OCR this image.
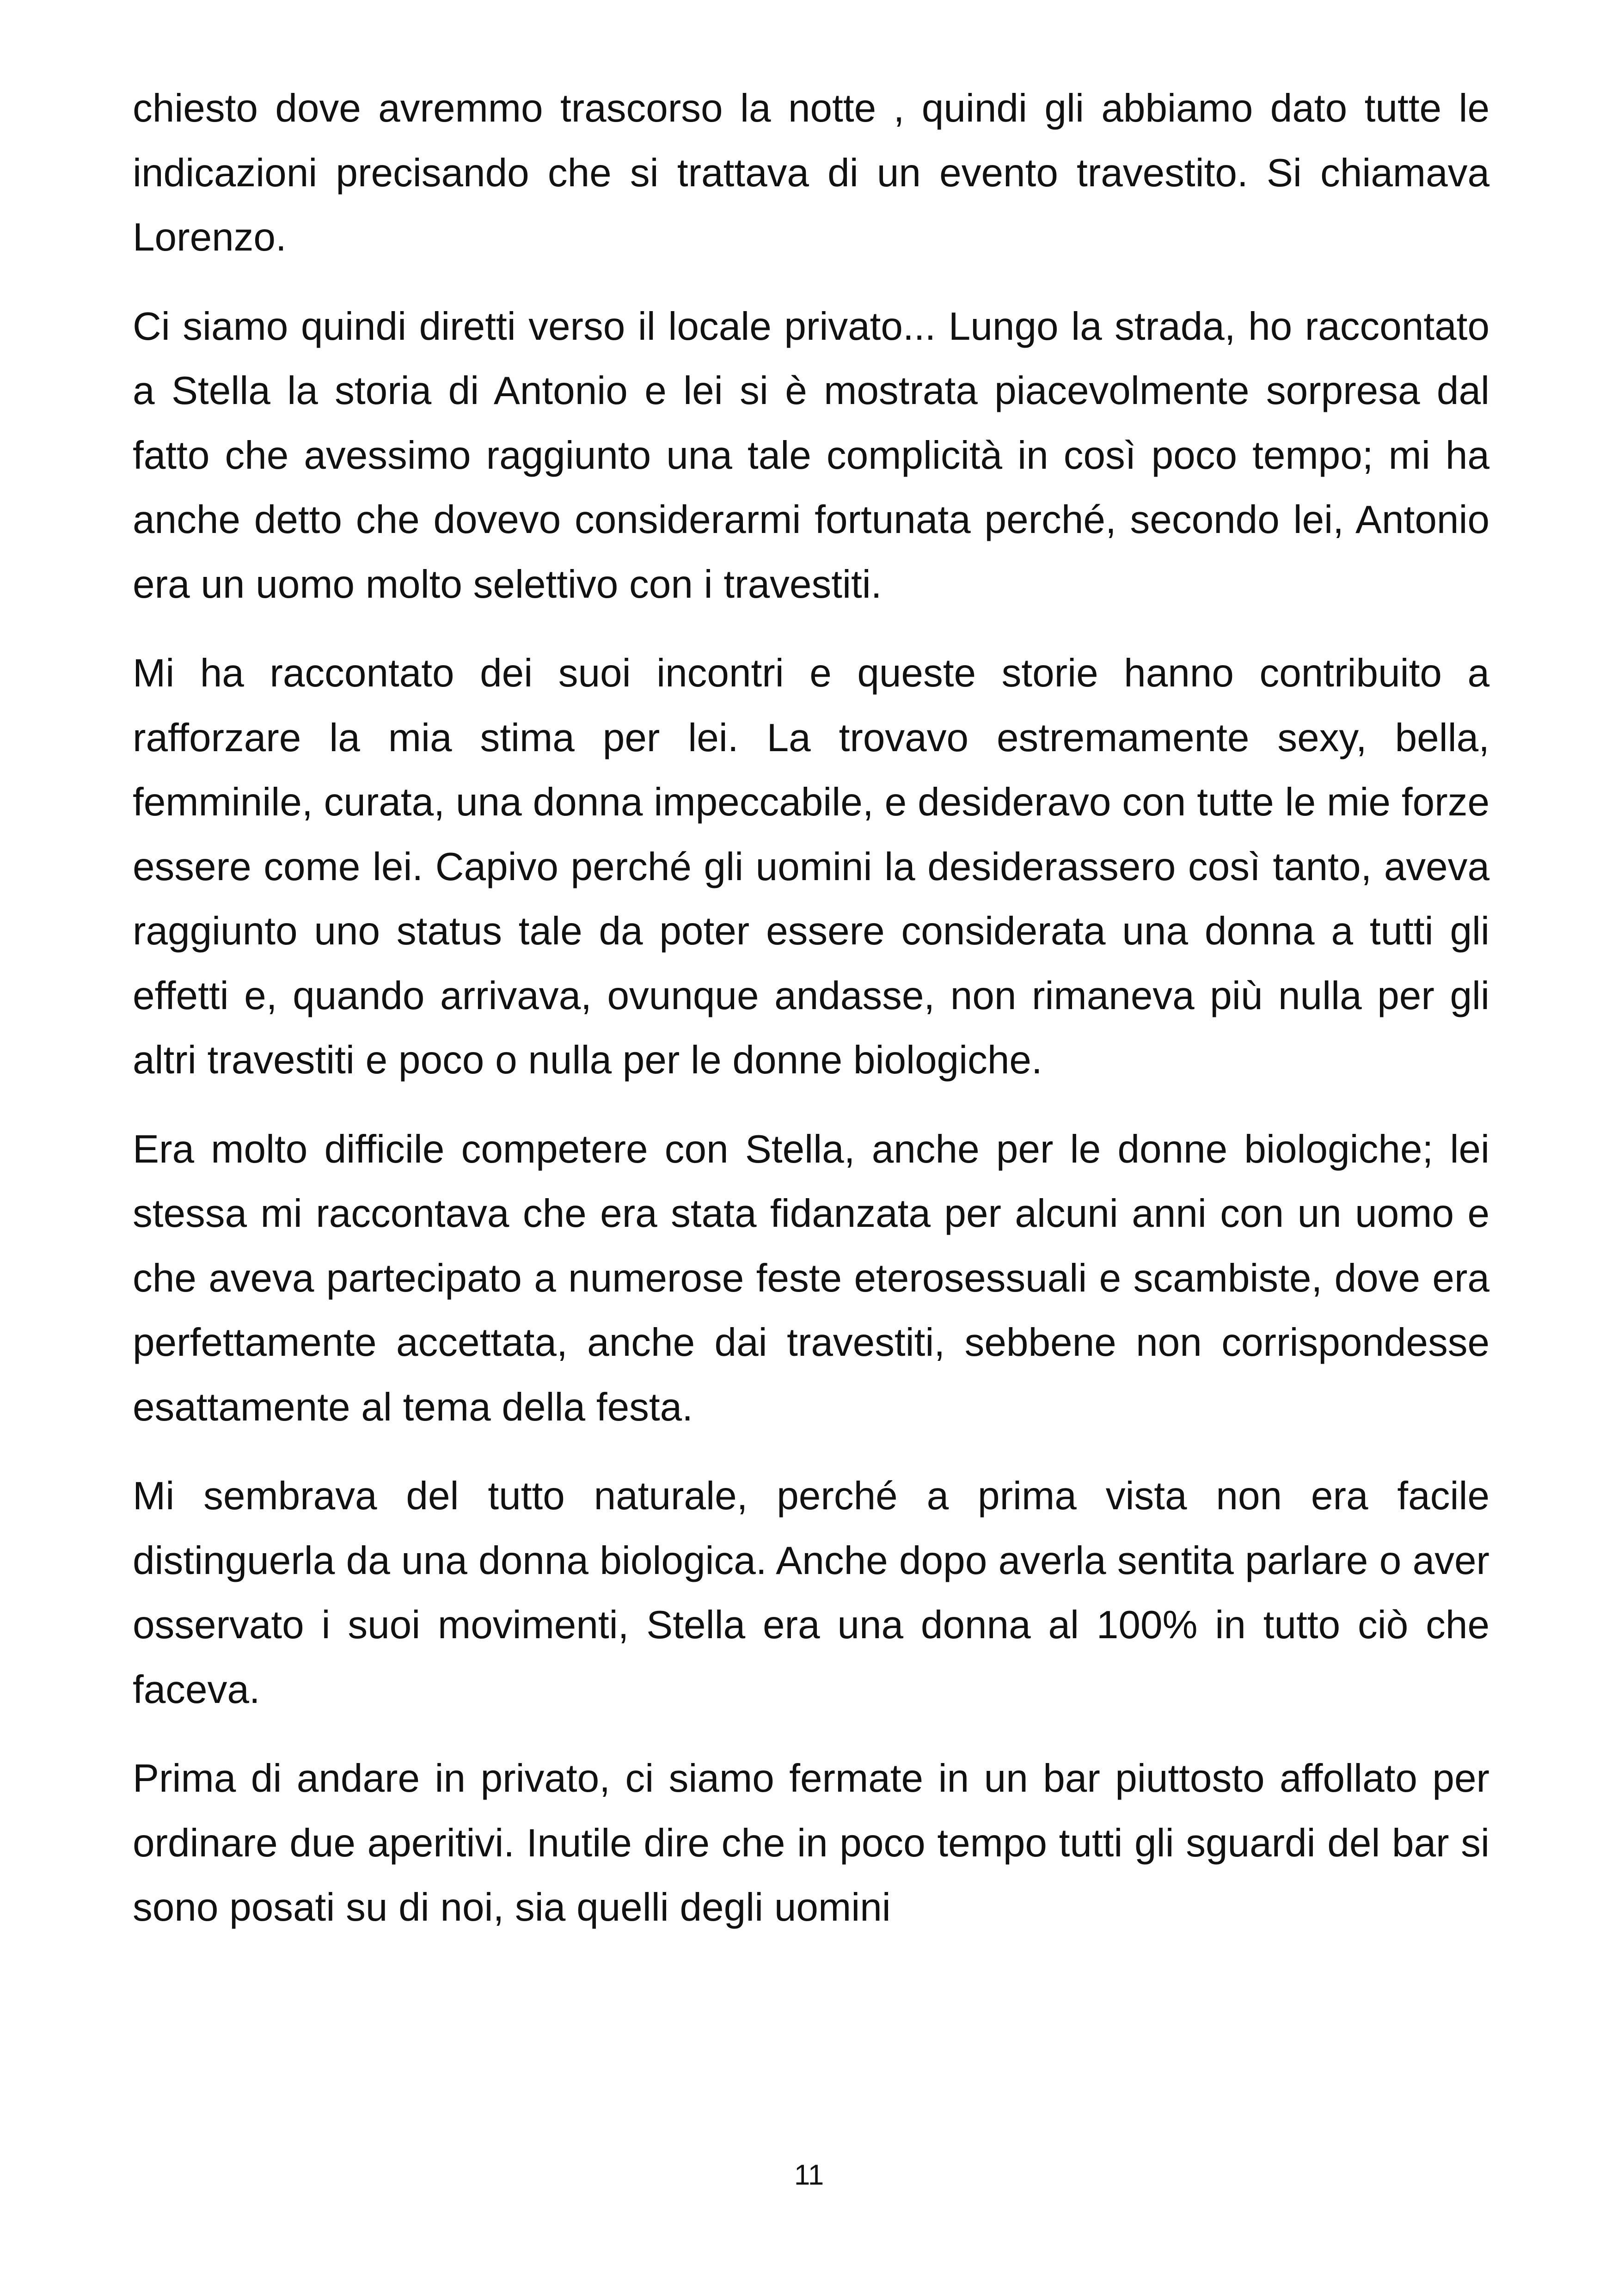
chiesto dove avremmo trascorso la notte , quindi gli abbiamo dato tutte le indicazioni precisando che si trattava di un evento travestito. Si chiamava Lorenzo.

Ci siamo quindi diretti verso il locale privato... Lungo la strada, ho raccontato a Stella la storia di Antonio e lei si è mostrata piacevolmente sorpresa dal fatto che avessimo raggiunto una tale complicità in così poco tempo; mi ha anche detto che dovevo considerarmi fortunata perché, secondo lei, Antonio era un uomo molto selettivo con i travestiti.

Mi ha raccontato dei suoi incontri e queste storie hanno contribuito a rafforzare la mia stima per lei. La trovavo estremamente sexy, bella, femminile, curata, una donna impeccabile, e desideravo con tutte le mie forze essere come lei. Capivo perché gli uomini la desiderassero così tanto, aveva raggiunto uno status tale da poter essere considerata una donna a tutti gli effetti e, quando arrivava, ovunque andasse, non rimaneva più nulla per gli altri travestiti e poco o nulla per le donne biologiche.

Era molto difficile competere con Stella, anche per le donne biologiche; lei stessa mi raccontava che era stata fidanzata per alcuni anni con un uomo e che aveva partecipato a numerose feste eterosessuali e scambiste, dove era perfettamente accettata, anche dai travestiti, sebbene non corrispondesse esattamente al tema della festa.

Mi sembrava del tutto naturale, perché a prima vista non era facile distinguerla da una donna biologica. Anche dopo averla sentita parlare o aver osservato i suoi movimenti, Stella era una donna al 100% in tutto ciò che faceva.

Prima di andare in privato, ci siamo fermate in un bar piuttosto affollato per ordinare due aperitivi. Inutile dire che in poco tempo tutti gli sguardi del bar si sono posati su di noi, sia quelli degli uomini

11
